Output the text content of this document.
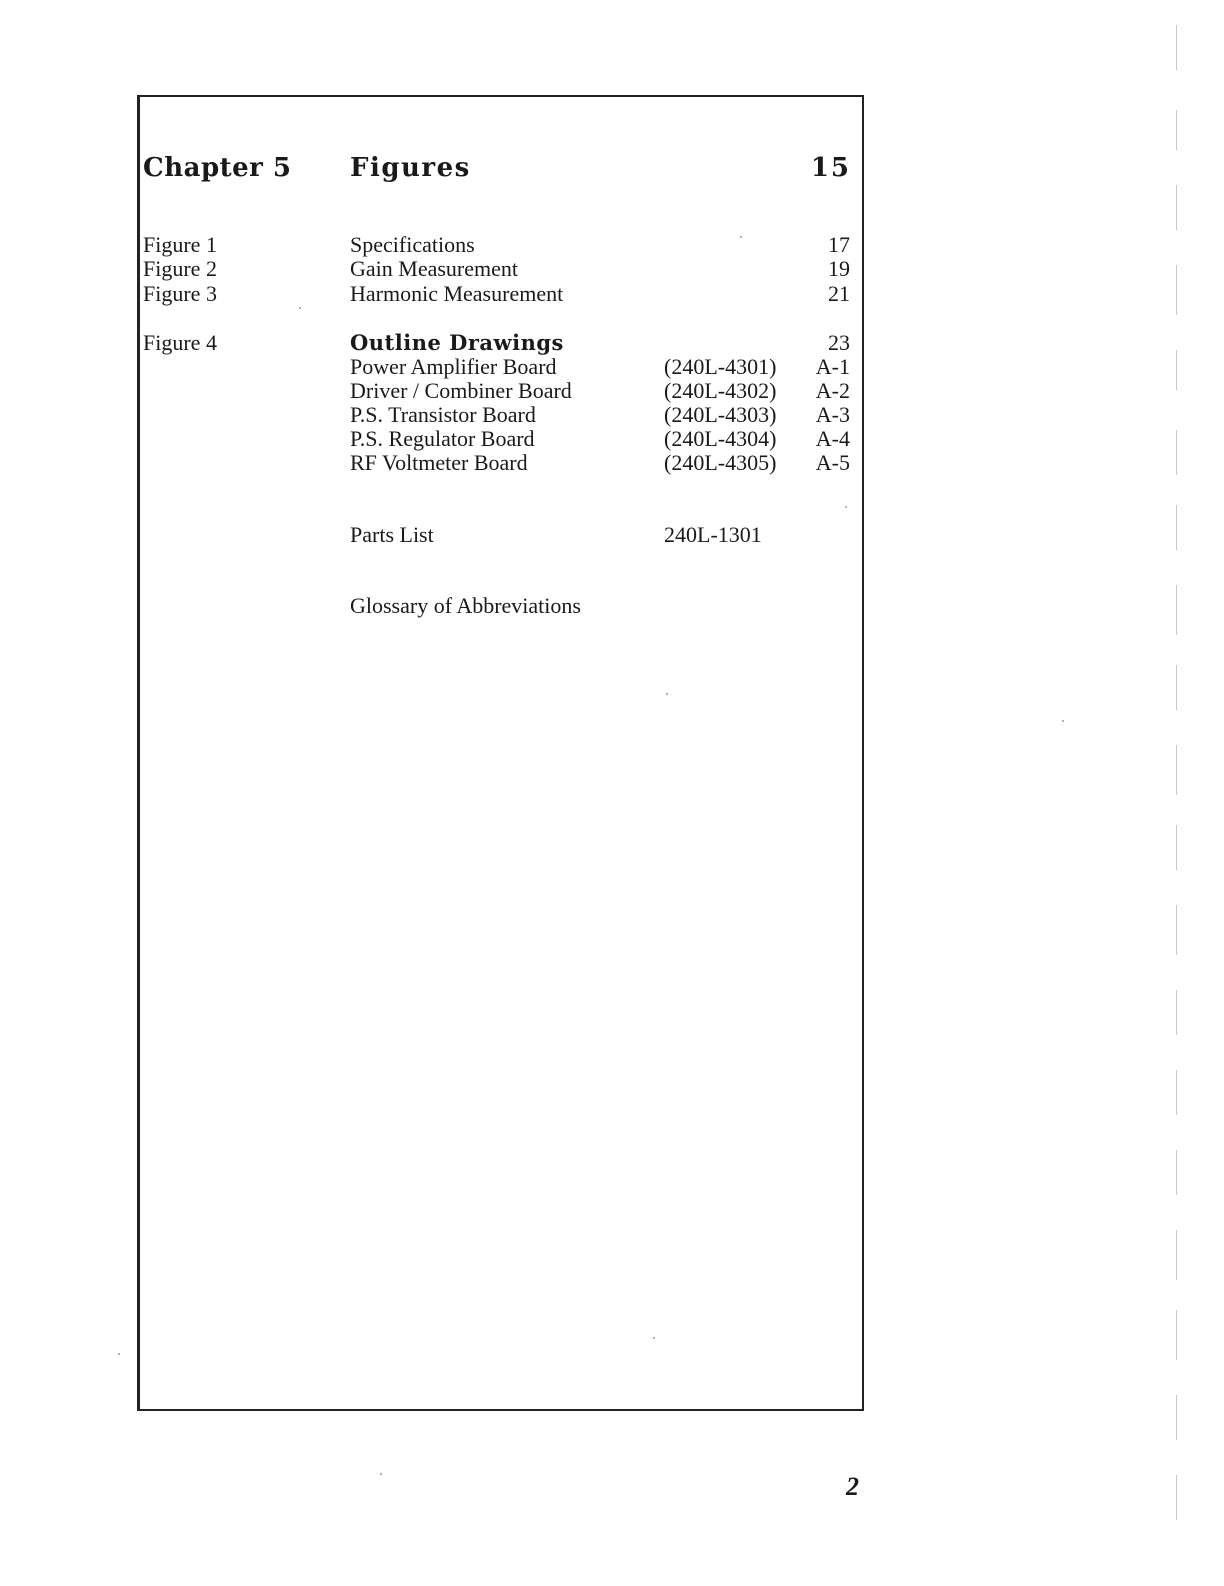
Chapter 5 Figures	15
Figure 1	Specifications	17
Figure 2	Gain Measurement	19
Figure 3	Harmonic Measurement	21
Figure 4	Outline Drawings	23
Power Amplifier Board	(240L-4301) A-1
Driver / Combiner Board	(240L-4302) A-2
P.S. Transistor Board	(240L-4303) A-3
P.S. Regulator Board	(240L-4304) A-4
RF Voltmeter Board	(240L-4305) A-5
Parts List	240L-1301
Glossary of Abbreviations
2
